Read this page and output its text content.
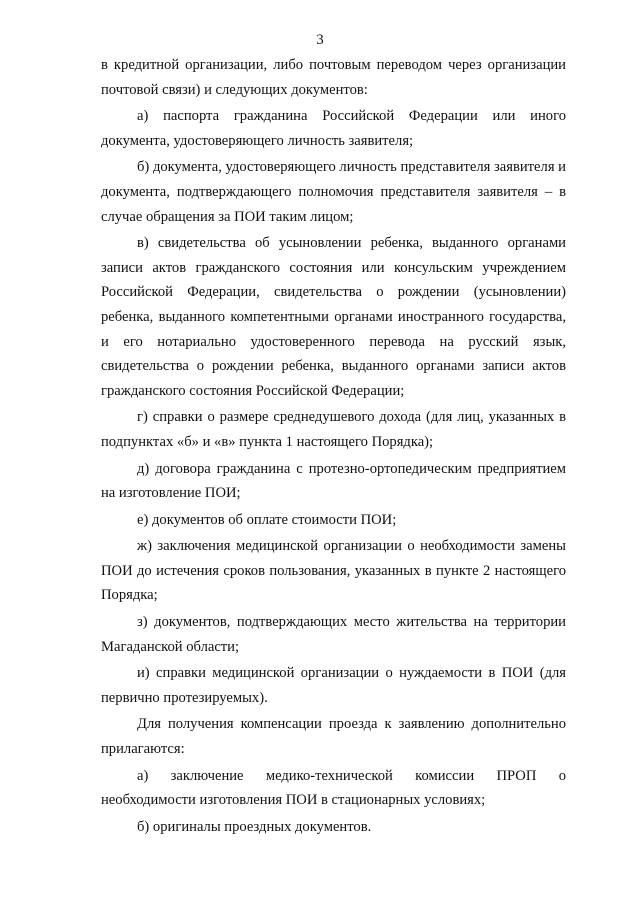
3

в кредитной организации, либо почтовым переводом через организации почтовой связи) и следующих документов:

а) паспорта гражданина Российской Федерации или иного документа, удостоверяющего личность заявителя;

б) документа, удостоверяющего личность представителя заявителя и документа, подтверждающего полномочия представителя заявителя – в случае обращения за ПОИ таким лицом;

в) свидетельства об усыновлении ребенка, выданного органами записи актов гражданского состояния или консульским учреждением Российской Федерации, свидетельства о рождении (усыновлении) ребенка, выданного компетентными органами иностранного государства, и его нотариально удостоверенного перевода на русский язык, свидетельства о рождении ребенка, выданного органами записи актов гражданского состояния Российской Федерации;

г) справки о размере среднедушевого дохода (для лиц, указанных в подпунктах «б» и «в» пункта 1 настоящего Порядка);

д) договора гражданина с протезно-ортопедическим предприятием на изготовление ПОИ;

е) документов об оплате стоимости ПОИ;

ж) заключения медицинской организации о необходимости замены ПОИ до истечения сроков пользования, указанных в пункте 2 настоящего Порядка;

з) документов, подтверждающих место жительства на территории Магаданской области;

и) справки медицинской организации о нуждаемости в ПОИ (для первично протезируемых).

Для получения компенсации проезда к заявлению дополнительно прилагаются:

а) заключение медико-технической комиссии ПРОП о необходимости изготовления ПОИ в стационарных условиях;

б) оригиналы проездных документов.
